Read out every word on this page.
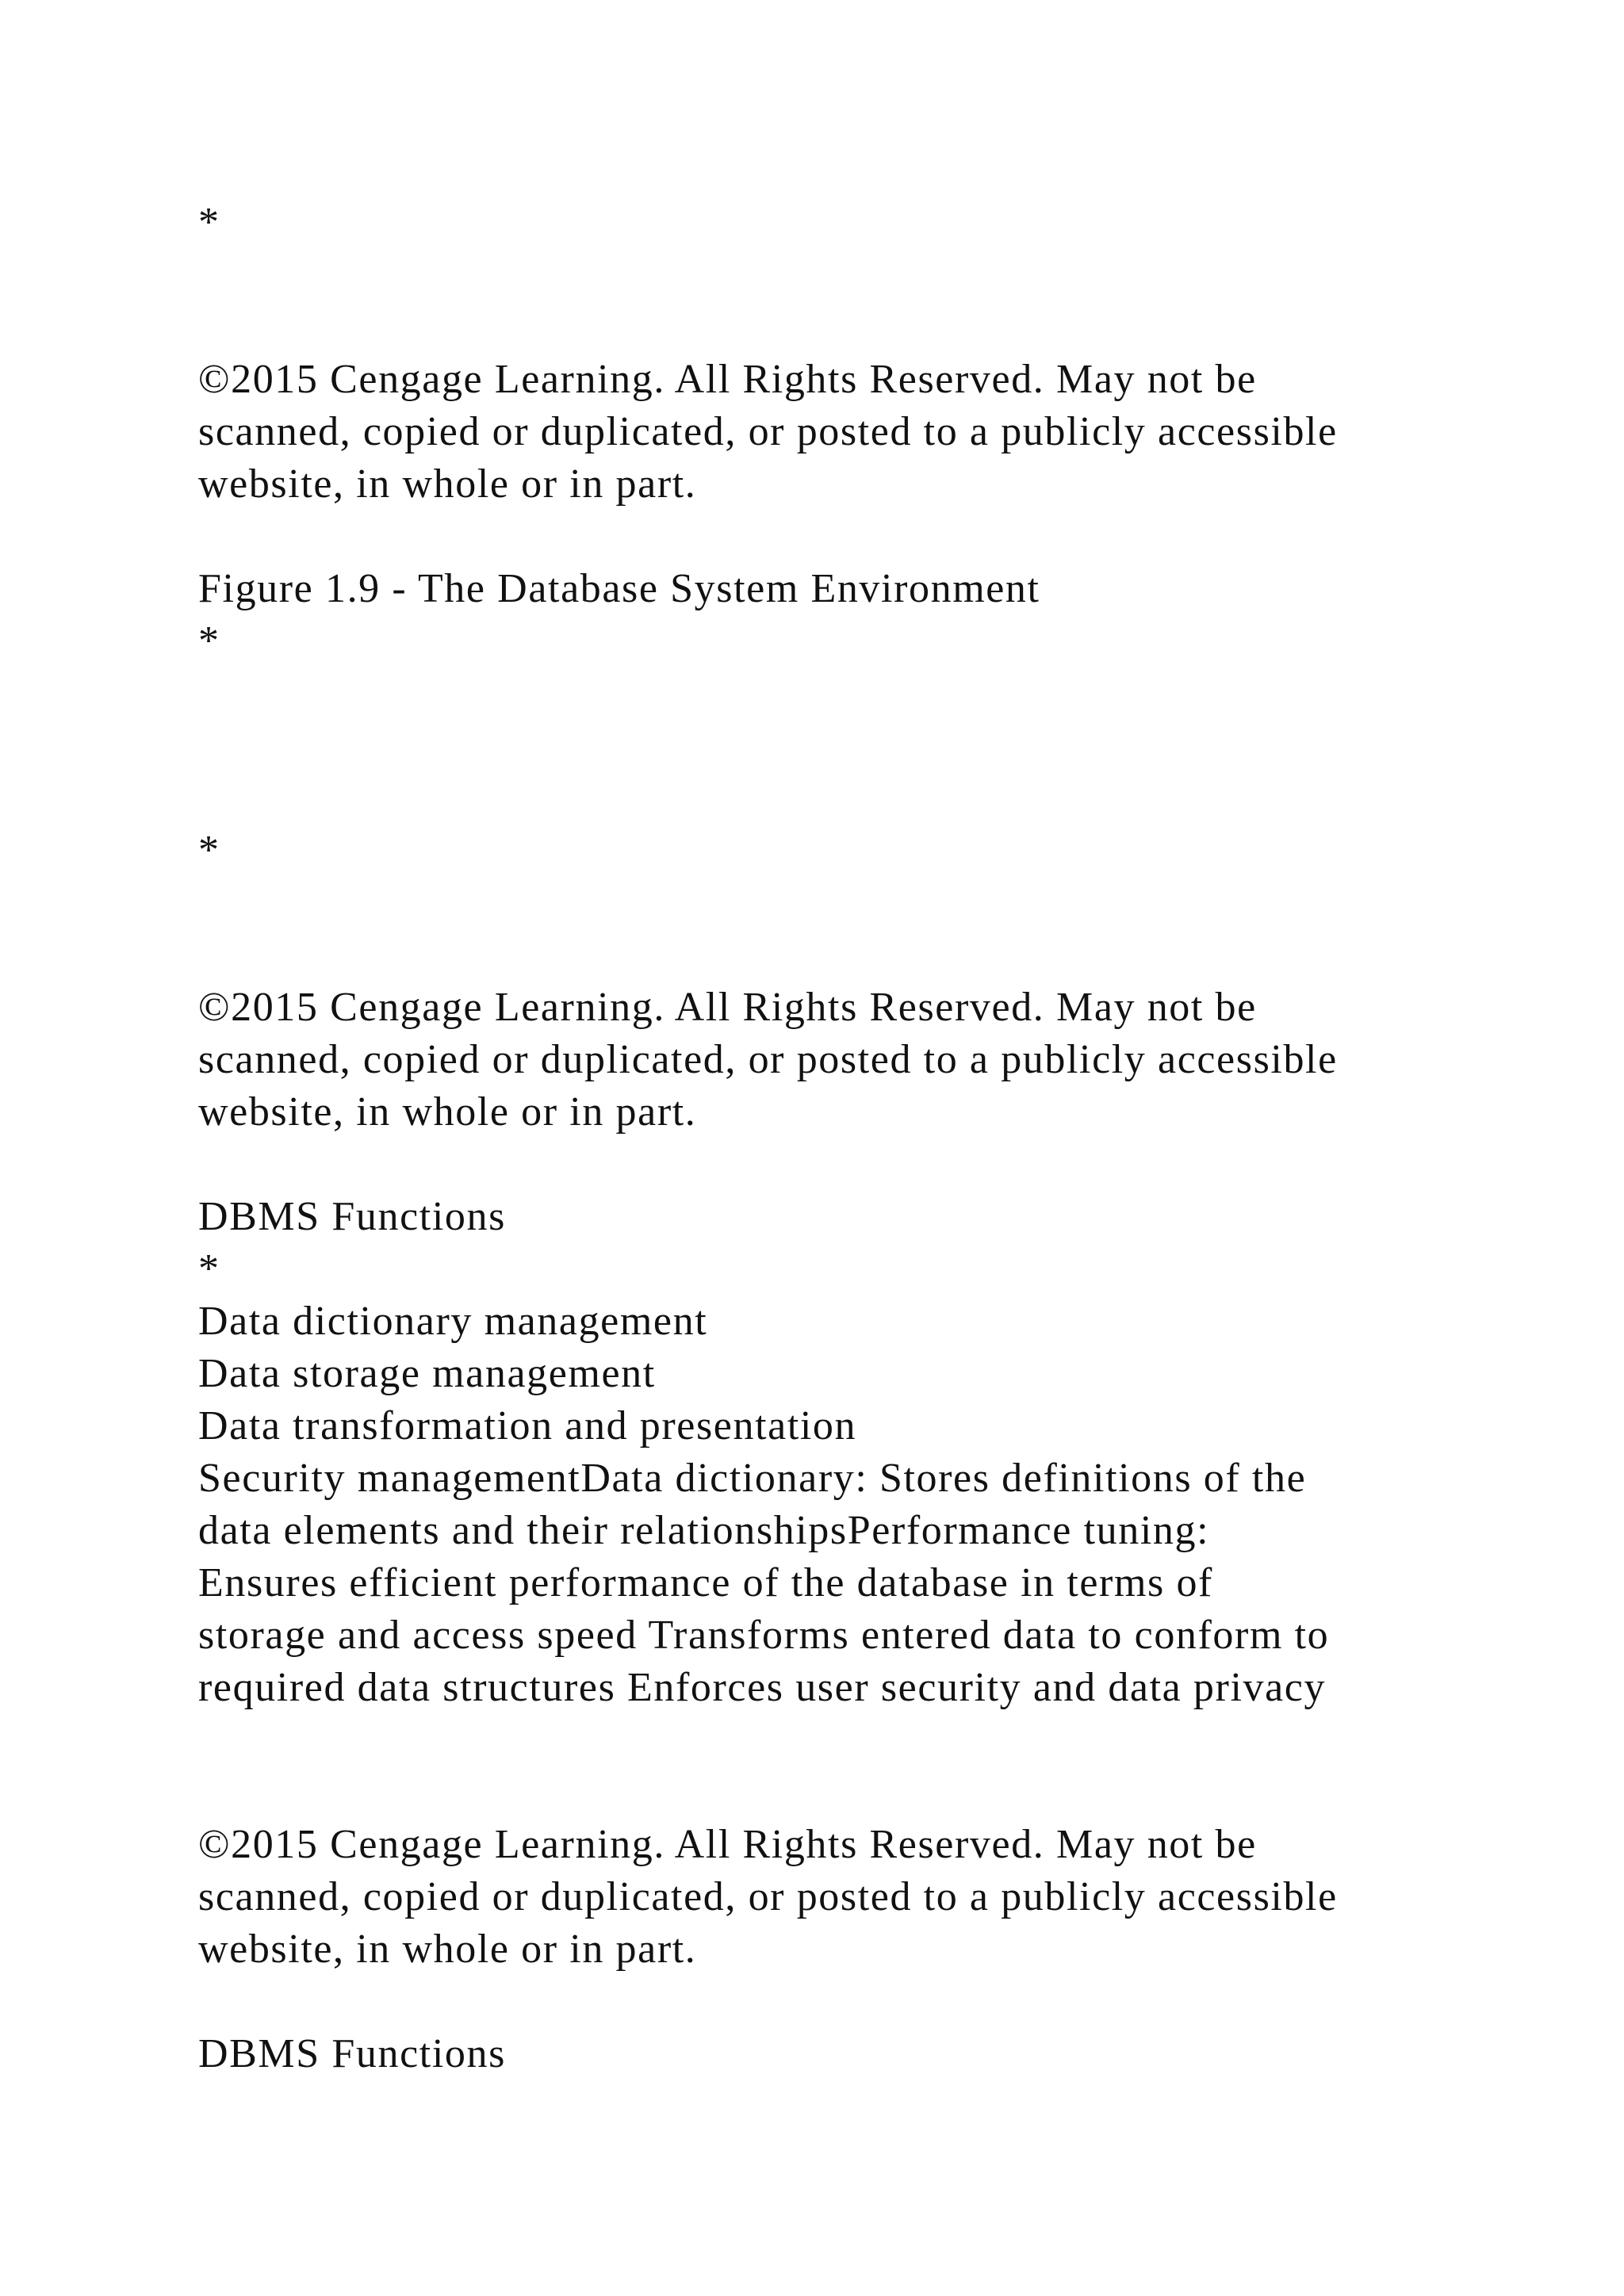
*
©2015 Cengage Learning. All Rights Reserved. May not be
scanned, copied or duplicated, or posted to a publicly accessible
website, in whole or in part.
Figure 1.9 - The Database System Environment
*
*
©2015 Cengage Learning. All Rights Reserved. May not be
scanned, copied or duplicated, or posted to a publicly accessible
website, in whole or in part.
DBMS Functions
*
Data dictionary management
Data storage management
Data transformation and presentation
Security managementData dictionary: Stores definitions of the
data elements and their relationshipsPerformance tuning:
Ensures efficient performance of the database in terms of
storage and access speed Transforms entered data to conform to
required data structures Enforces user security and data privacy
©2015 Cengage Learning. All Rights Reserved. May not be
scanned, copied or duplicated, or posted to a publicly accessible
website, in whole or in part.
DBMS Functions
